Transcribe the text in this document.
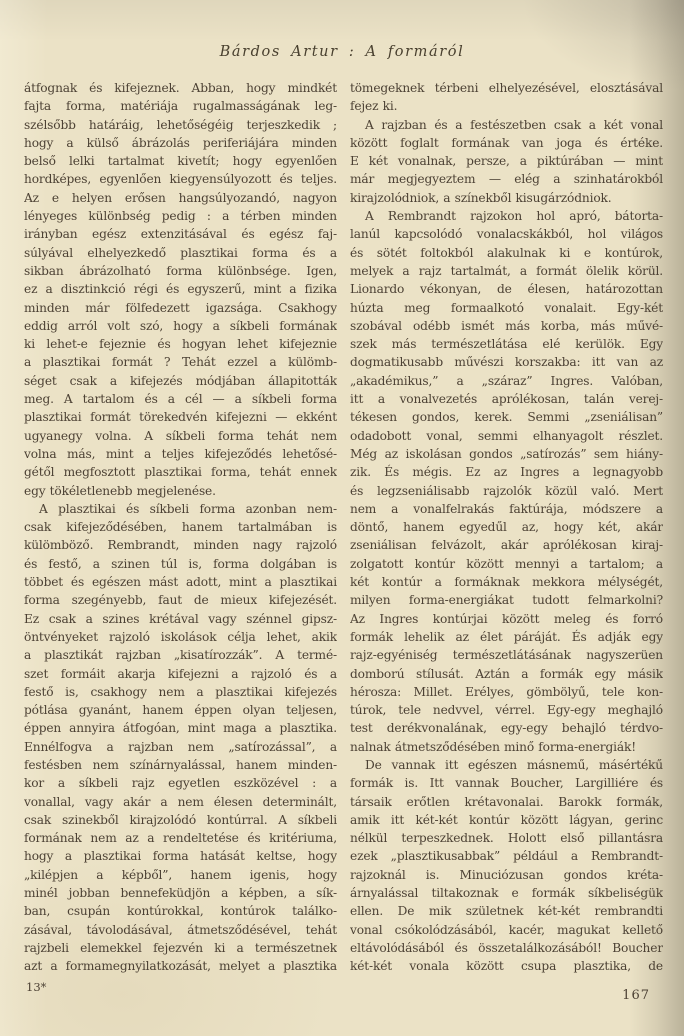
Bárdos Artur : A formáról
átfognak és kifejeznek. Abban, hogy mindkét
fajta forma, matériája rugalmasságának leg-
szélsőbb határáig, lehetőségéig terjeszkedik ;
hogy a külső ábrázolás periferiájára minden
belső lelki tartalmat kivetít; hogy egyenlően
hordképes, egyenlően kiegyensúlyozott és teljes.
Az e helyen erősen hangsúlyozandó, nagyon
lényeges különbség pedig : a térben minden
irányban egész extenzitásával és egész faj-
súlyával elhelyezkedő plasztikai forma és a
sikban ábrázolható forma különbsége. Igen,
ez a disztinkció régi és egyszerű, mint a fizika
minden már fölfedezett igazsága. Csakhogy
eddig arról volt szó, hogy a síkbeli formának
ki lehet-e fejeznie és hogyan lehet kifejeznie
a plasztikai formát ? Tehát ezzel a külömb-
séget csak a kifejezés módjában állapitották
meg. A tartalom és a cél — a síkbeli forma
plasztikai formát törekedvén kifejezni — ekként
ugyanegy volna. A síkbeli forma tehát nem
volna más, mint a teljes kifejeződés lehetősé-
gétől megfosztott plasztikai forma, tehát ennek
egy tökéletlenebb megjelenése.
A plasztikai és síkbeli forma azonban nem-
csak kifejeződésében, hanem tartalmában is
külömböző. Rembrandt, minden nagy rajzoló
és festő, a szinen túl is, forma dolgában is
többet és egészen mást adott, mint a plasztikai
forma szegényebb, faut de mieux kifejezését.
Ez csak a szines krétával vagy szénnel gipsz-
öntvényeket rajzoló iskolások célja lehet, akik
a plasztikát rajzban „kisatírozzák”. A termé-
szet formáit akarja kifejezni a rajzoló és a
festő is, csakhogy nem a plasztikai kifejezés
pótlása gyanánt, hanem éppen olyan teljesen,
éppen annyira átfogóan, mint maga a plasztika.
Ennélfogva a rajzban nem „satírozással”, a
festésben nem színárnyalással, hanem minden-
kor a síkbeli rajz egyetlen eszközével : a
vonallal, vagy akár a nem élesen determinált,
csak szinekből kirajzolódó kontúrral. A síkbeli
formának nem az a rendeltetése és kritériuma,
hogy a plasztikai forma hatását keltse, hogy
„kilépjen a képből”, hanem igenis, hogy
minél jobban bennefeküdjön a képben, a sík-
ban, csupán kontúrokkal, kontúrok találko-
zásával, távolodásával, átmetsződésével, tehát
rajzbeli elemekkel fejezvén ki a természetnek
azt a formamegnyilatkozását, melyet a plasztika
tömegeknek térbeni elhelyezésével, elosztásával
fejez ki.
A rajzban és a festészetben csak a két vonal
között foglalt formának van joga és értéke.
E két vonalnak, persze, a piktúrában — mint
már megjegyeztem — elég a szinhatárokból
kirajzolódniok, a színekből kisugárzódniok.
A Rembrandt rajzokon hol apró, bátorta-
lanúl kapcsolódó vonalacskákból, hol világos
és sötét foltokból alakulnak ki e kontúrok,
melyek a rajz tartalmát, a formát ölelik körül.
Lionardo vékonyan, de élesen, határozottan
húzta meg formaalkotó vonalait. Egy-két
szobával odébb ismét más korba, más művé-
szek más természetlátása elé kerülök. Egy
dogmatikusabb művészi korszakba: itt van az
„akadémikus,” a „száraz” Ingres. Valóban,
itt a vonalvezetés aprólékosan, talán verej-
tékesen gondos, kerek. Semmi „zseniálisan”
odadobott vonal, semmi elhanyagolt részlet.
Még az iskolásan gondos „satírozás” sem hiány-
zik. És mégis. Ez az Ingres a legnagyobb
és legzseniálisabb rajzolók közül való. Mert
nem a vonalfelrakás faktúrája, módszere a
döntő, hanem egyedűl az, hogy két, akár
zseniálisan felvázolt, akár aprólékosan kiraj-
zolgatott kontúr között mennyi a tartalom; a
két kontúr a formáknak mekkora mélységét,
milyen forma-energiákat tudott felmarkolni?
Az Ingres kontúrjai között meleg és forró
formák lehelik az élet páráját. És adják egy
rajz-egyéniség természetlátásának nagyszerüen
domború stílusát. Aztán a formák egy másik
hérosza: Millet. Erélyes, gömbölyű, tele kon-
túrok, tele nedvvel, vérrel. Egy-egy meghajló
test derékvonalának, egy-egy behajló térdvo-
nalnak átmetsződésében minő forma-energiák!
De vannak itt egészen másnemű, másértékű
formák is. Itt vannak Boucher, Largilliére és
társaik erőtlen krétavonalai. Barokk formák,
amik itt két-két kontúr között lágyan, gerinc
nélkül terpeszkednek. Holott első pillantásra
ezek „plasztikusabbak” például a Rembrandt-
rajzoknál is. Minuciózusan gondos kréta-
árnyalással tiltakoznak e formák síkbeliségük
ellen. De mik születnek két-két rembrandti
vonal csókolódzásából, kacér, magukat kellető
eltávolódásából és összetalálkozásából! Boucher
két-két vonala között csupa plasztika, de
13*
167
